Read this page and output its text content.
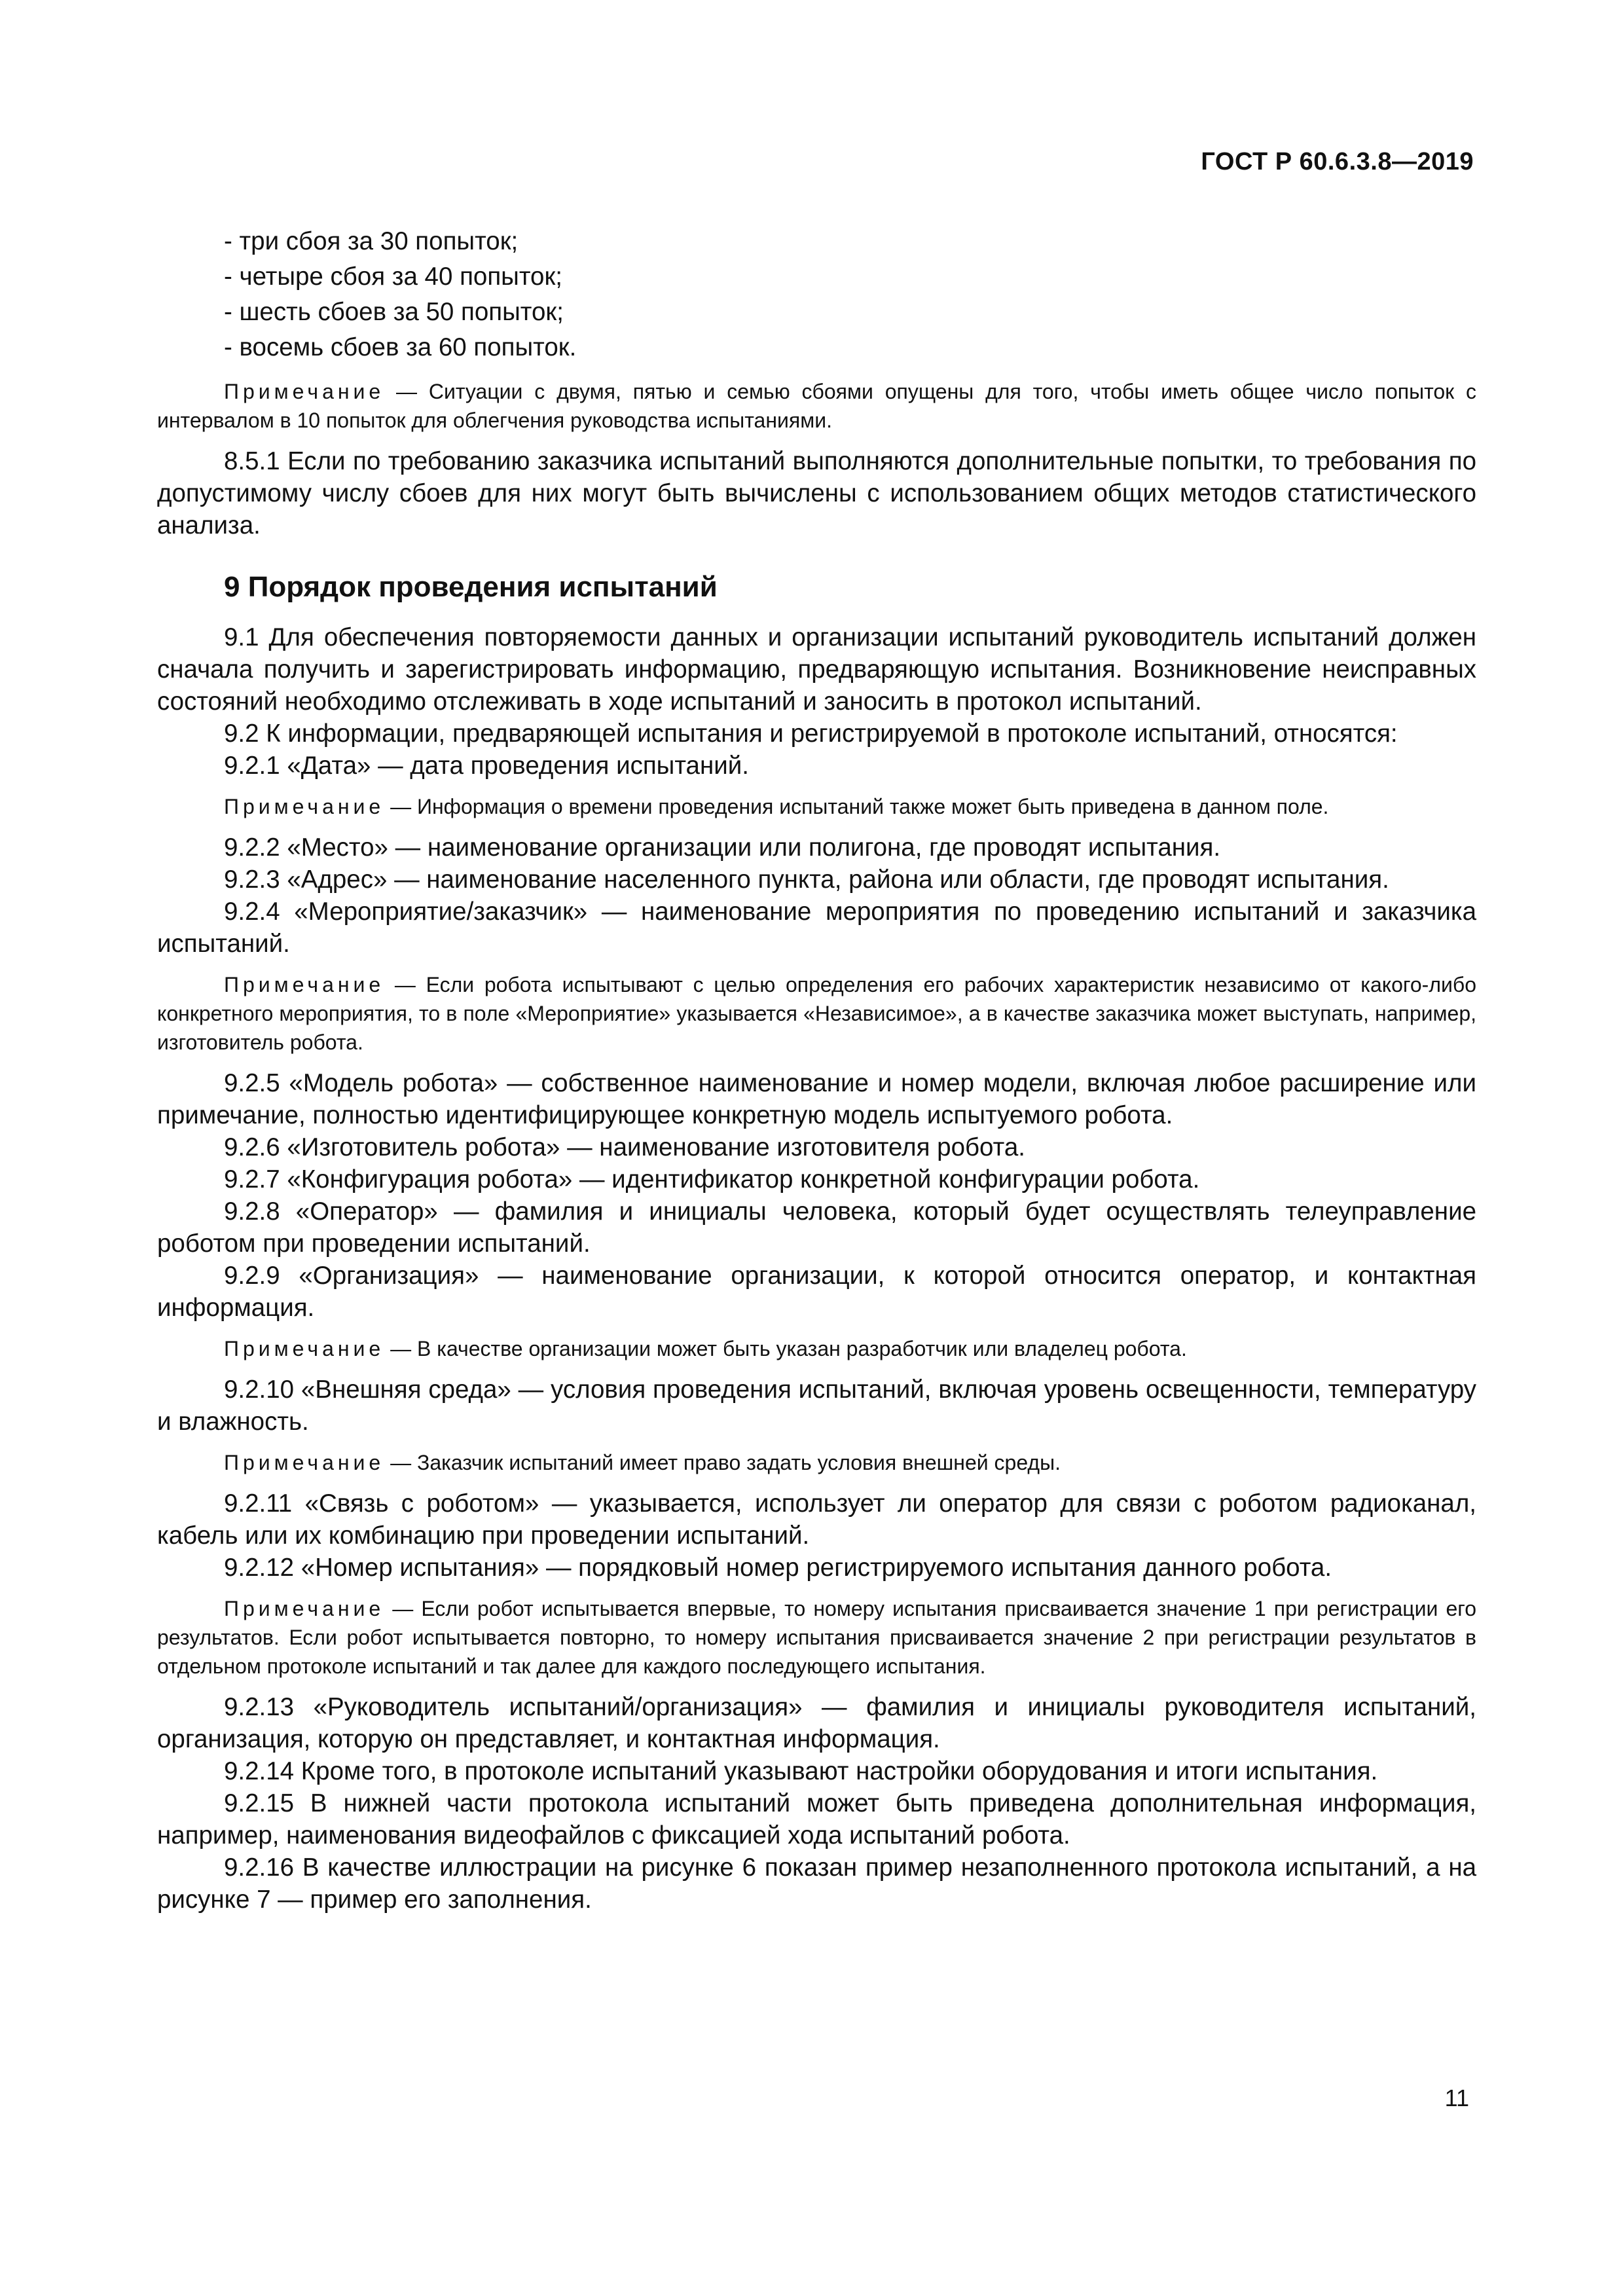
ГОСТ Р 60.6.3.8—2019
- три сбоя за 30 попыток;
- четыре сбоя за 40 попыток;
- шесть сбоев за 50 попыток;
- восемь сбоев за 60 попыток.

Примечание — Ситуации с двумя, пятью и семью сбоями опущены для того, чтобы иметь общее число попыток с интервалом в 10 попыток для облегчения руководства испытаниями.

8.5.1 Если по требованию заказчика испытаний выполняются дополнительные попытки, то требования по допустимому числу сбоев для них могут быть вычислены с использованием общих методов статистического анализа.

9 Порядок проведения испытаний

9.1 Для обеспечения повторяемости данных и организации испытаний руководитель испытаний должен сначала получить и зарегистрировать информацию, предваряющую испытания. Возникновение неисправных состояний необходимо отслеживать в ходе испытаний и заносить в протокол испытаний.

9.2 К информации, предваряющей испытания и регистрируемой в протоколе испытаний, относятся:

9.2.1 «Дата» — дата проведения испытаний.

Примечание — Информация о времени проведения испытаний также может быть приведена в данном поле.

9.2.2 «Место» — наименование организации или полигона, где проводят испытания.

9.2.3 «Адрес» — наименование населенного пункта, района или области, где проводят испытания.

9.2.4 «Мероприятие/заказчик» — наименование мероприятия по проведению испытаний и заказчика испытаний.

Примечание — Если робота испытывают с целью определения его рабочих характеристик независимо от какого-либо конкретного мероприятия, то в поле «Мероприятие» указывается «Независимое», а в качестве заказчика может выступать, например, изготовитель робота.

9.2.5 «Модель робота» — собственное наименование и номер модели, включая любое расширение или примечание, полностью идентифицирующее конкретную модель испытуемого робота.

9.2.6 «Изготовитель робота» — наименование изготовителя робота.

9.2.7 «Конфигурация робота» — идентификатор конкретной конфигурации робота.

9.2.8 «Оператор» — фамилия и инициалы человека, который будет осуществлять телеуправление роботом при проведении испытаний.

9.2.9 «Организация» — наименование организации, к которой относится оператор, и контактная информация.

Примечание — В качестве организации может быть указан разработчик или владелец робота.

9.2.10 «Внешняя среда» — условия проведения испытаний, включая уровень освещенности, температуру и влажность.

Примечание — Заказчик испытаний имеет право задать условия внешней среды.

9.2.11 «Связь с роботом» — указывается, использует ли оператор для связи с роботом радиоканал, кабель или их комбинацию при проведении испытаний.

9.2.12 «Номер испытания» — порядковый номер регистрируемого испытания данного робота.

Примечание — Если робот испытывается впервые, то номеру испытания присваивается значение 1 при регистрации его результатов. Если робот испытывается повторно, то номеру испытания присваивается значение 2 при регистрации результатов в отдельном протоколе испытаний и так далее для каждого последующего испытания.

9.2.13 «Руководитель испытаний/организация» — фамилия и инициалы руководителя испытаний, организация, которую он представляет, и контактная информация.

9.2.14 Кроме того, в протоколе испытаний указывают настройки оборудования и итоги испытания.

9.2.15 В нижней части протокола испытаний может быть приведена дополнительная информация, например, наименования видеофайлов с фиксацией хода испытаний робота.

9.2.16 В качестве иллюстрации на рисунке 6 показан пример незаполненного протокола испытаний, а на рисунке 7 — пример его заполнения.

11
